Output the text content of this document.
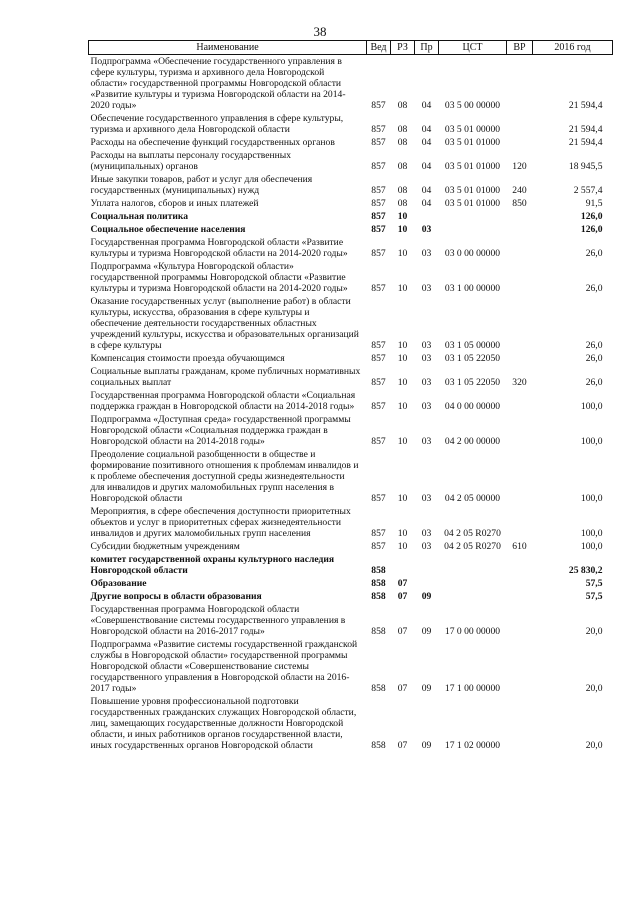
38
Наименование	Вед	РЗ	Пр	ЦСТ	ВР	2016 год
Подпрограмма «Обеспечение государственного управления в сфере культуры, туризма и архивного дела Новгородской области» государственной программы Новгородской области «Развитие культуры и туризма Новгородской области на 2014-2020 годы»	857	08	04	03 5 00 00000		21 594,4
Обеспечение государственного управления в сфере культуры, туризма и архивного дела Новгородской области	857	08	04	03 5 01 00000		21 594,4
Расходы на обеспечение функций государственных органов	857	08	04	03 5 01 01000		21 594,4
Расходы на выплаты персоналу государственных (муниципальных) органов	857	08	04	03 5 01 01000	120	18 945,5
Иные закупки товаров, работ и услуг для обеспечения государственных (муниципальных) нужд	857	08	04	03 5 01 01000	240	2 557,4
Уплата налогов, сборов и иных платежей	857	08	04	03 5 01 01000	850	91,5
Социальная политика	857	10				126,0
Социальное обеспечение населения	857	10	03			126,0
Государственная программа Новгородской области «Развитие культуры и туризма Новгородской области на 2014-2020 годы»	857	10	03	03 0 00 00000		26,0
Подпрограмма «Культура Новгородской области» государственной программы Новгородской области «Развитие культуры и туризма Новгородской области на 2014-2020 годы»	857	10	03	03 1 00 00000		26,0
Оказание государственных услуг (выполнение работ) в области культуры, искусства, образования в сфере культуры и обеспечение деятельности государственных областных учреждений культуры, искусства и образовательных организаций в сфере культуры	857	10	03	03 1 05 00000		26,0
Компенсация стоимости проезда обучающимся	857	10	03	03 1 05 22050		26,0
Социальные выплаты гражданам, кроме публичных нормативных социальных выплат	857	10	03	03 1 05 22050	320	26,0
Государственная программа Новгородской области «Социальная поддержка граждан в Новгородской области на 2014-2018 годы»	857	10	03	04 0 00 00000		100,0
Подпрограмма «Доступная среда» государственной программы Новгородской области «Социальная поддержка граждан в Новгородской области на 2014-2018 годы»	857	10	03	04 2 00 00000		100,0
Преодоление социальной разобщенности в обществе и формирование позитивного отношения к проблемам инвалидов и к проблеме обеспечения доступной среды жизнедеятельности для инвалидов и других маломобильных групп населения в Новгородской области	857	10	03	04 2 05 00000		100,0
Мероприятия, в сфере обеспечения доступности приоритетных объектов и услуг в приоритетных сферах жизнедеятельности инвалидов и других маломобильных групп населения	857	10	03	04 2 05 R0270		100,0
Субсидии бюджетным учреждениям	857	10	03	04 2 05 R0270	610	100,0
комитет государственной охраны культурного наследия Новгородской области	858					25 830,2
Образование	858	07				57,5
Другие вопросы в области образования	858	07	09			57,5
Государственная программа Новгородской области «Совершенствование системы государственного управления в Новгородской области на 2016-2017 годы»	858	07	09	17 0 00 00000		20,0
Подпрограмма «Развитие системы государственной гражданской службы в Новгородской области» государственной программы Новгородской области «Совершенствование системы государственного управления в Новгородской области на 2016-2017 годы»	858	07	09	17 1 00 00000		20,0
Повышение уровня профессиональной подготовки государственных гражданских служащих Новгородской области, лиц, замещающих государственные должности Новгородской области, и иных работников органов государственной власти, иных государственных органов Новгородской области	858	07	09	17 1 02 00000		20,0
